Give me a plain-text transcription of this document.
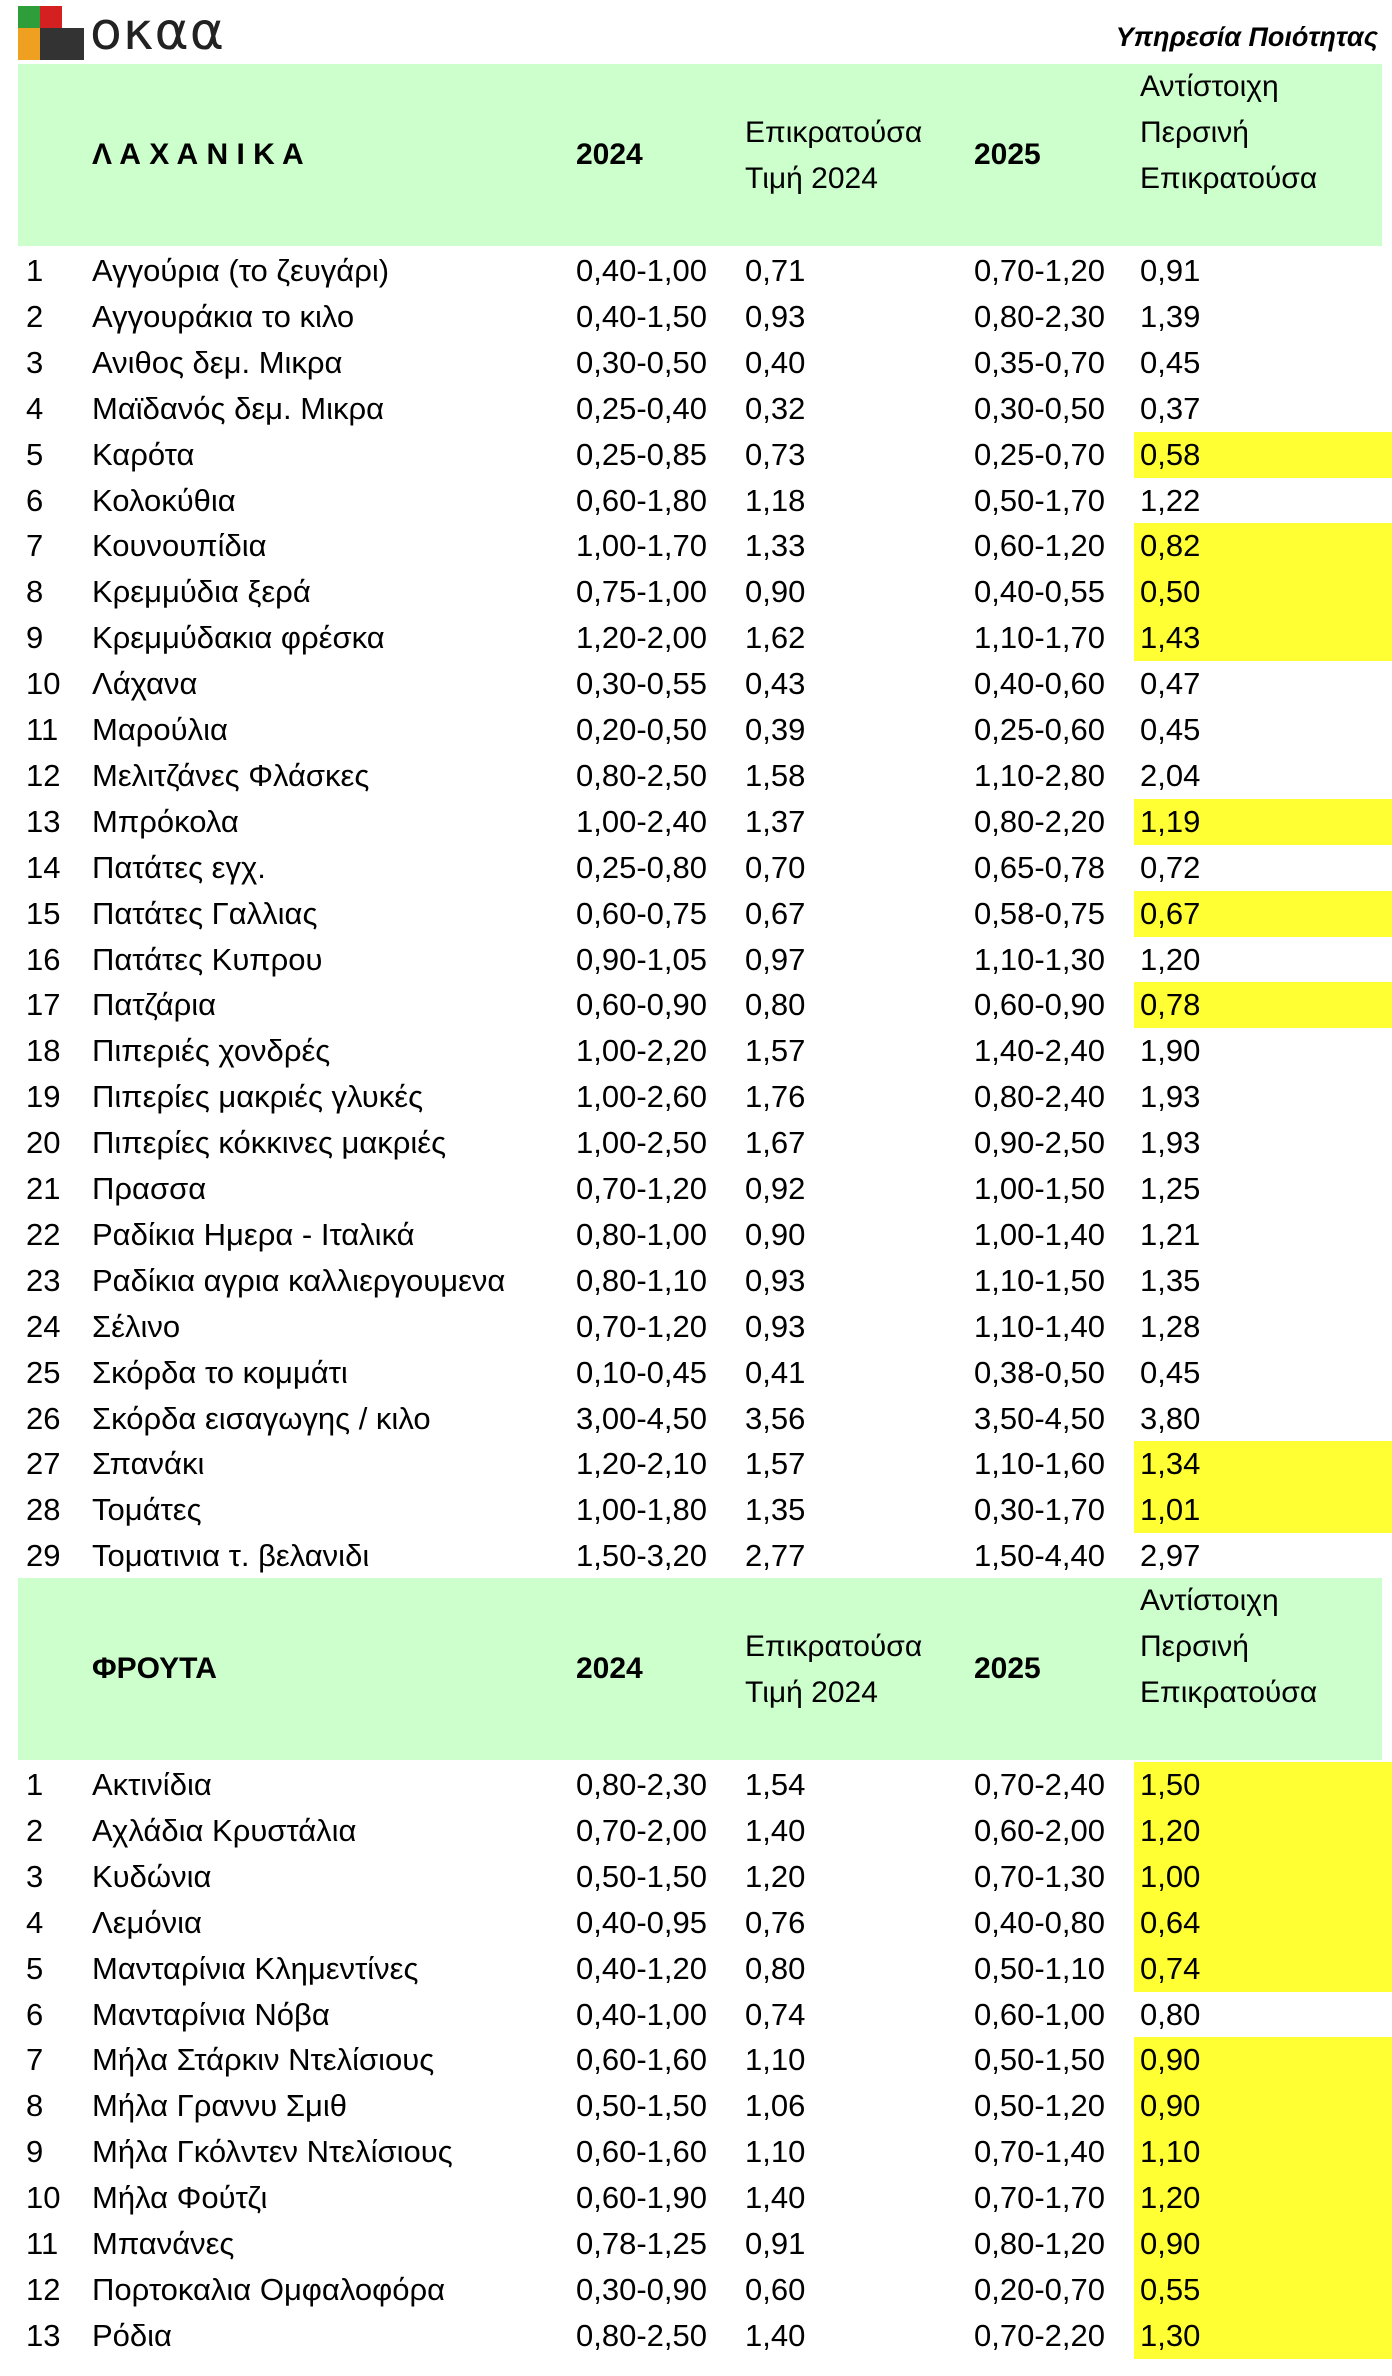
οκαα	Υπηρεσία Ποιότητας
Λ Α Χ Α Ν Ι Κ Α	2024
Επικρατούσα
Τιμή 2024
2025
Αντίστοιχη
Περσινή
Επικρατούσα
1 Αγγούρια (το ζευγάρι)	0,40-1,00 0,71	0,70-1,20 0,91
2 Αγγουράκια το κιλο	0,40-1,50 0,93	0,80-2,30 1,39
3 Ανιθος δεμ. Μικρα	0,30-0,50 0,40	0,35-0,70 0,45
4 Μαϊδανός δεμ. Μικρα	0,25-0,40 0,32	0,30-0,50 0,37
5 Καρότα	0,25-0,85 0,73	0,25-0,70 0,58
6 Κολοκύθια	0,60-1,80 1,18	0,50-1,70 1,22
7 Κουνουπίδια	1,00-1,70 1,33	0,60-1,20 0,82
8 Κρεμμύδια ξερά	0,75-1,00 0,90	0,40-0,55 0,50
9 Κρεμμύδακια φρέσκα	1,20-2,00 1,62	1,10-1,70 1,43
10 Λάχανα	0,30-0,55 0,43	0,40-0,60 0,47
11 Μαρούλια	0,20-0,50 0,39	0,25-0,60 0,45
12 Μελιτζάνες Φλάσκες	0,80-2,50 1,58	1,10-2,80 2,04
13 Μπρόκολα	1,00-2,40 1,37	0,80-2,20 1,19
14 Πατάτες εγχ.	0,25-0,80 0,70	0,65-0,78 0,72
15 Πατάτες Γαλλιας	0,60-0,75 0,67	0,58-0,75 0,67
16 Πατάτες Κυπρου	0,90-1,05 0,97	1,10-1,30 1,20
17 Πατζάρια	0,60-0,90 0,80	0,60-0,90 0,78
18 Πιπεριές χονδρές	1,00-2,20 1,57	1,40-2,40 1,90
19 Πιπερίες μακριές γλυκές	1,00-2,60 1,76	0,80-2,40 1,93
20 Πιπερίες κόκκινες μακριές	1,00-2,50 1,67	0,90-2,50 1,93
21 Πρασσα	0,70-1,20 0,92	1,00-1,50 1,25
22 Ραδίκια Ημερα - Ιταλικά	0,80-1,00 0,90	1,00-1,40 1,21
23 Ραδίκια αγρια καλλιεργουμενα 0,80-1,10 0,93	1,10-1,50 1,35
24 Σέλινο	0,70-1,20 0,93	1,10-1,40 1,28
25 Σκόρδα το κομμάτι	0,10-0,45 0,41	0,38-0,50 0,45
26 Σκόρδα εισαγωγης / κιλο	3,00-4,50 3,56	3,50-4,50 3,80
27 Σπανάκι	1,20-2,10 1,57	1,10-1,60 1,34
28 Τομάτες	1,00-1,80 1,35	0,30-1,70 1,01
29 Τοματινια τ. βελανιδι	1,50-3,20 2,77	1,50-4,40 2,97
ΦΡΟΥΤΑ	2024
Επικρατούσα
Τιμή 2024
2025
Αντίστοιχη
Περσινή
Επικρατούσα
1 Ακτινίδια	0,80-2,30 1,54	0,70-2,40 1,50
2 Αχλάδια Κρυστάλια	0,70-2,00 1,40	0,60-2,00 1,20
3 Κυδώνια	0,50-1,50 1,20	0,70-1,30 1,00
4 Λεμόνια	0,40-0,95 0,76	0,40-0,80 0,64
5 Μανταρίνια Κλημεντίνες	0,40-1,20 0,80	0,50-1,10 0,74
6 Μανταρίνια Νόβα	0,40-1,00 0,74	0,60-1,00 0,80
7 Μήλα Στάρκιν Ντελίσιους	0,60-1,60 1,10	0,50-1,50 0,90
8 Μήλα Γραννυ Σμιθ	0,50-1,50 1,06	0,50-1,20 0,90
9 Μήλα Γκόλντεν Ντελίσιους	0,60-1,60 1,10	0,70-1,40 1,10
10 Μήλα Φούτζι	0,60-1,90 1,40	0,70-1,70 1,20
11 Μπανάνες	0,78-1,25 0,91	0,80-1,20 0,90
12 Πορτοκαλια Ομφαλοφόρα	0,30-0,90 0,60	0,20-0,70 0,55
13 Ρόδια	0,80-2,50 1,40	0,70-2,20 1,30
